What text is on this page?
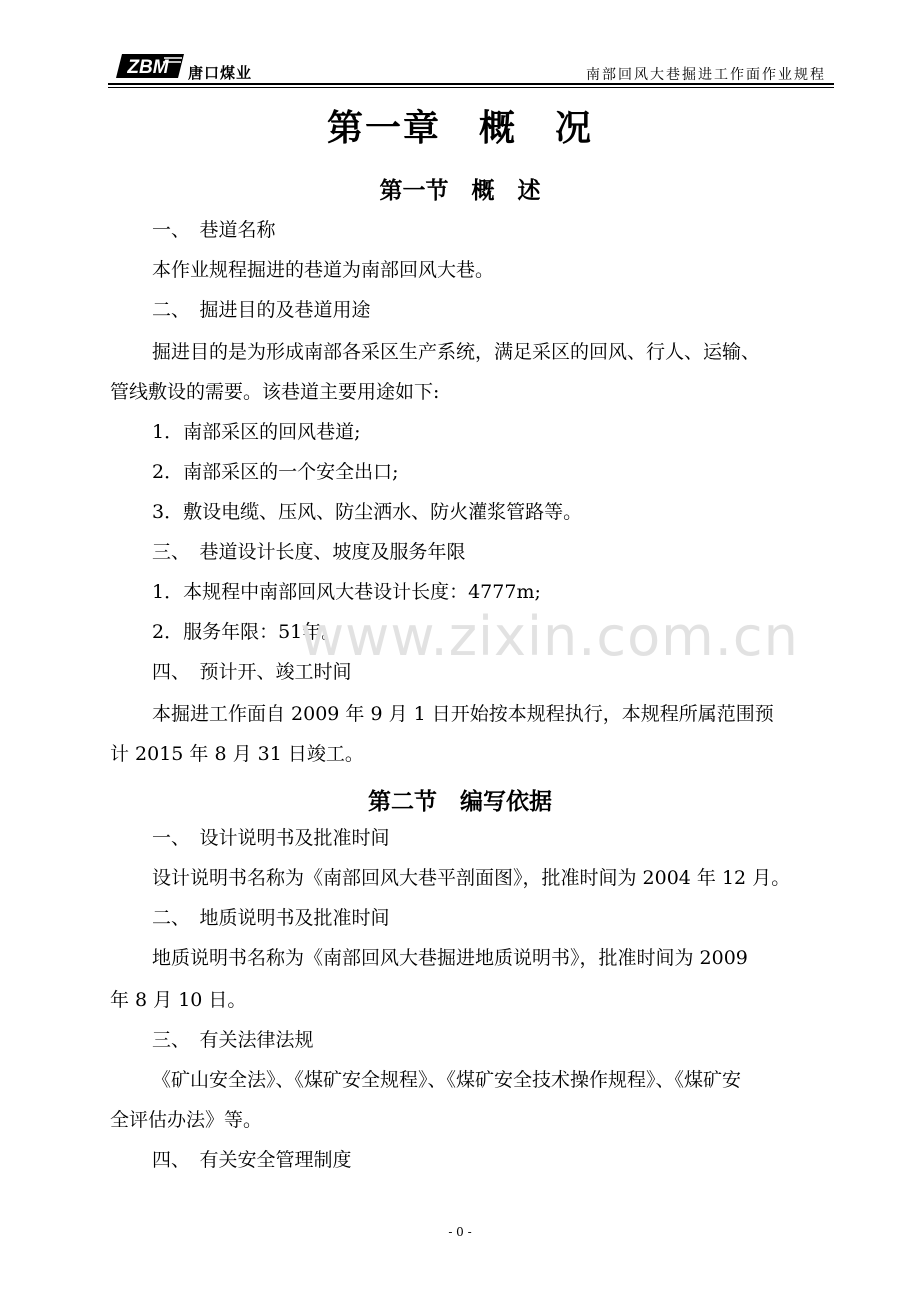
ZBM 唐口煤业	南部回风大巷掘进工作面作业规程
第一章　概　况
第一节　概　述
一、　巷道名称
本作业规程掘进的巷道为南部回风大巷。
二、　掘进目的及巷道用途
掘进目的是为形成南部各采区生产系统，满足采区的回风、行人、运输、
管线敷设的需要。该巷道主要用途如下:
1．南部采区的回风巷道;
2．南部采区的一个安全出口;
3．敷设电缆、压风、防尘洒水、防火灌浆管路等。
三、　巷道设计长度、坡度及服务年限
1．本规程中南部回风大巷设计长度：4777m;
2．服务年限：51年。
四、　预计开、竣工时间
本掘进工作面自 2009 年 9 月 1 日开始按本规程执行，本规程所属范围预
计 2015 年 8 月 31 日竣工。
第二节　编写依据
一、　设计说明书及批准时间
设计说明书名称为《南部回风大巷平剖面图》，批准时间为 2004 年 12 月。
二、　地质说明书及批准时间
地质说明书名称为《南部回风大巷掘进地质说明书》，批准时间为 2009
年 8 月 10 日。
三、　有关法律法规
《矿山安全法》、《煤矿安全规程》、《煤矿安全技术操作规程》、《煤矿安
全评估办法》等。
四、　有关安全管理制度
www.zixin.com.cn
- 0 -
